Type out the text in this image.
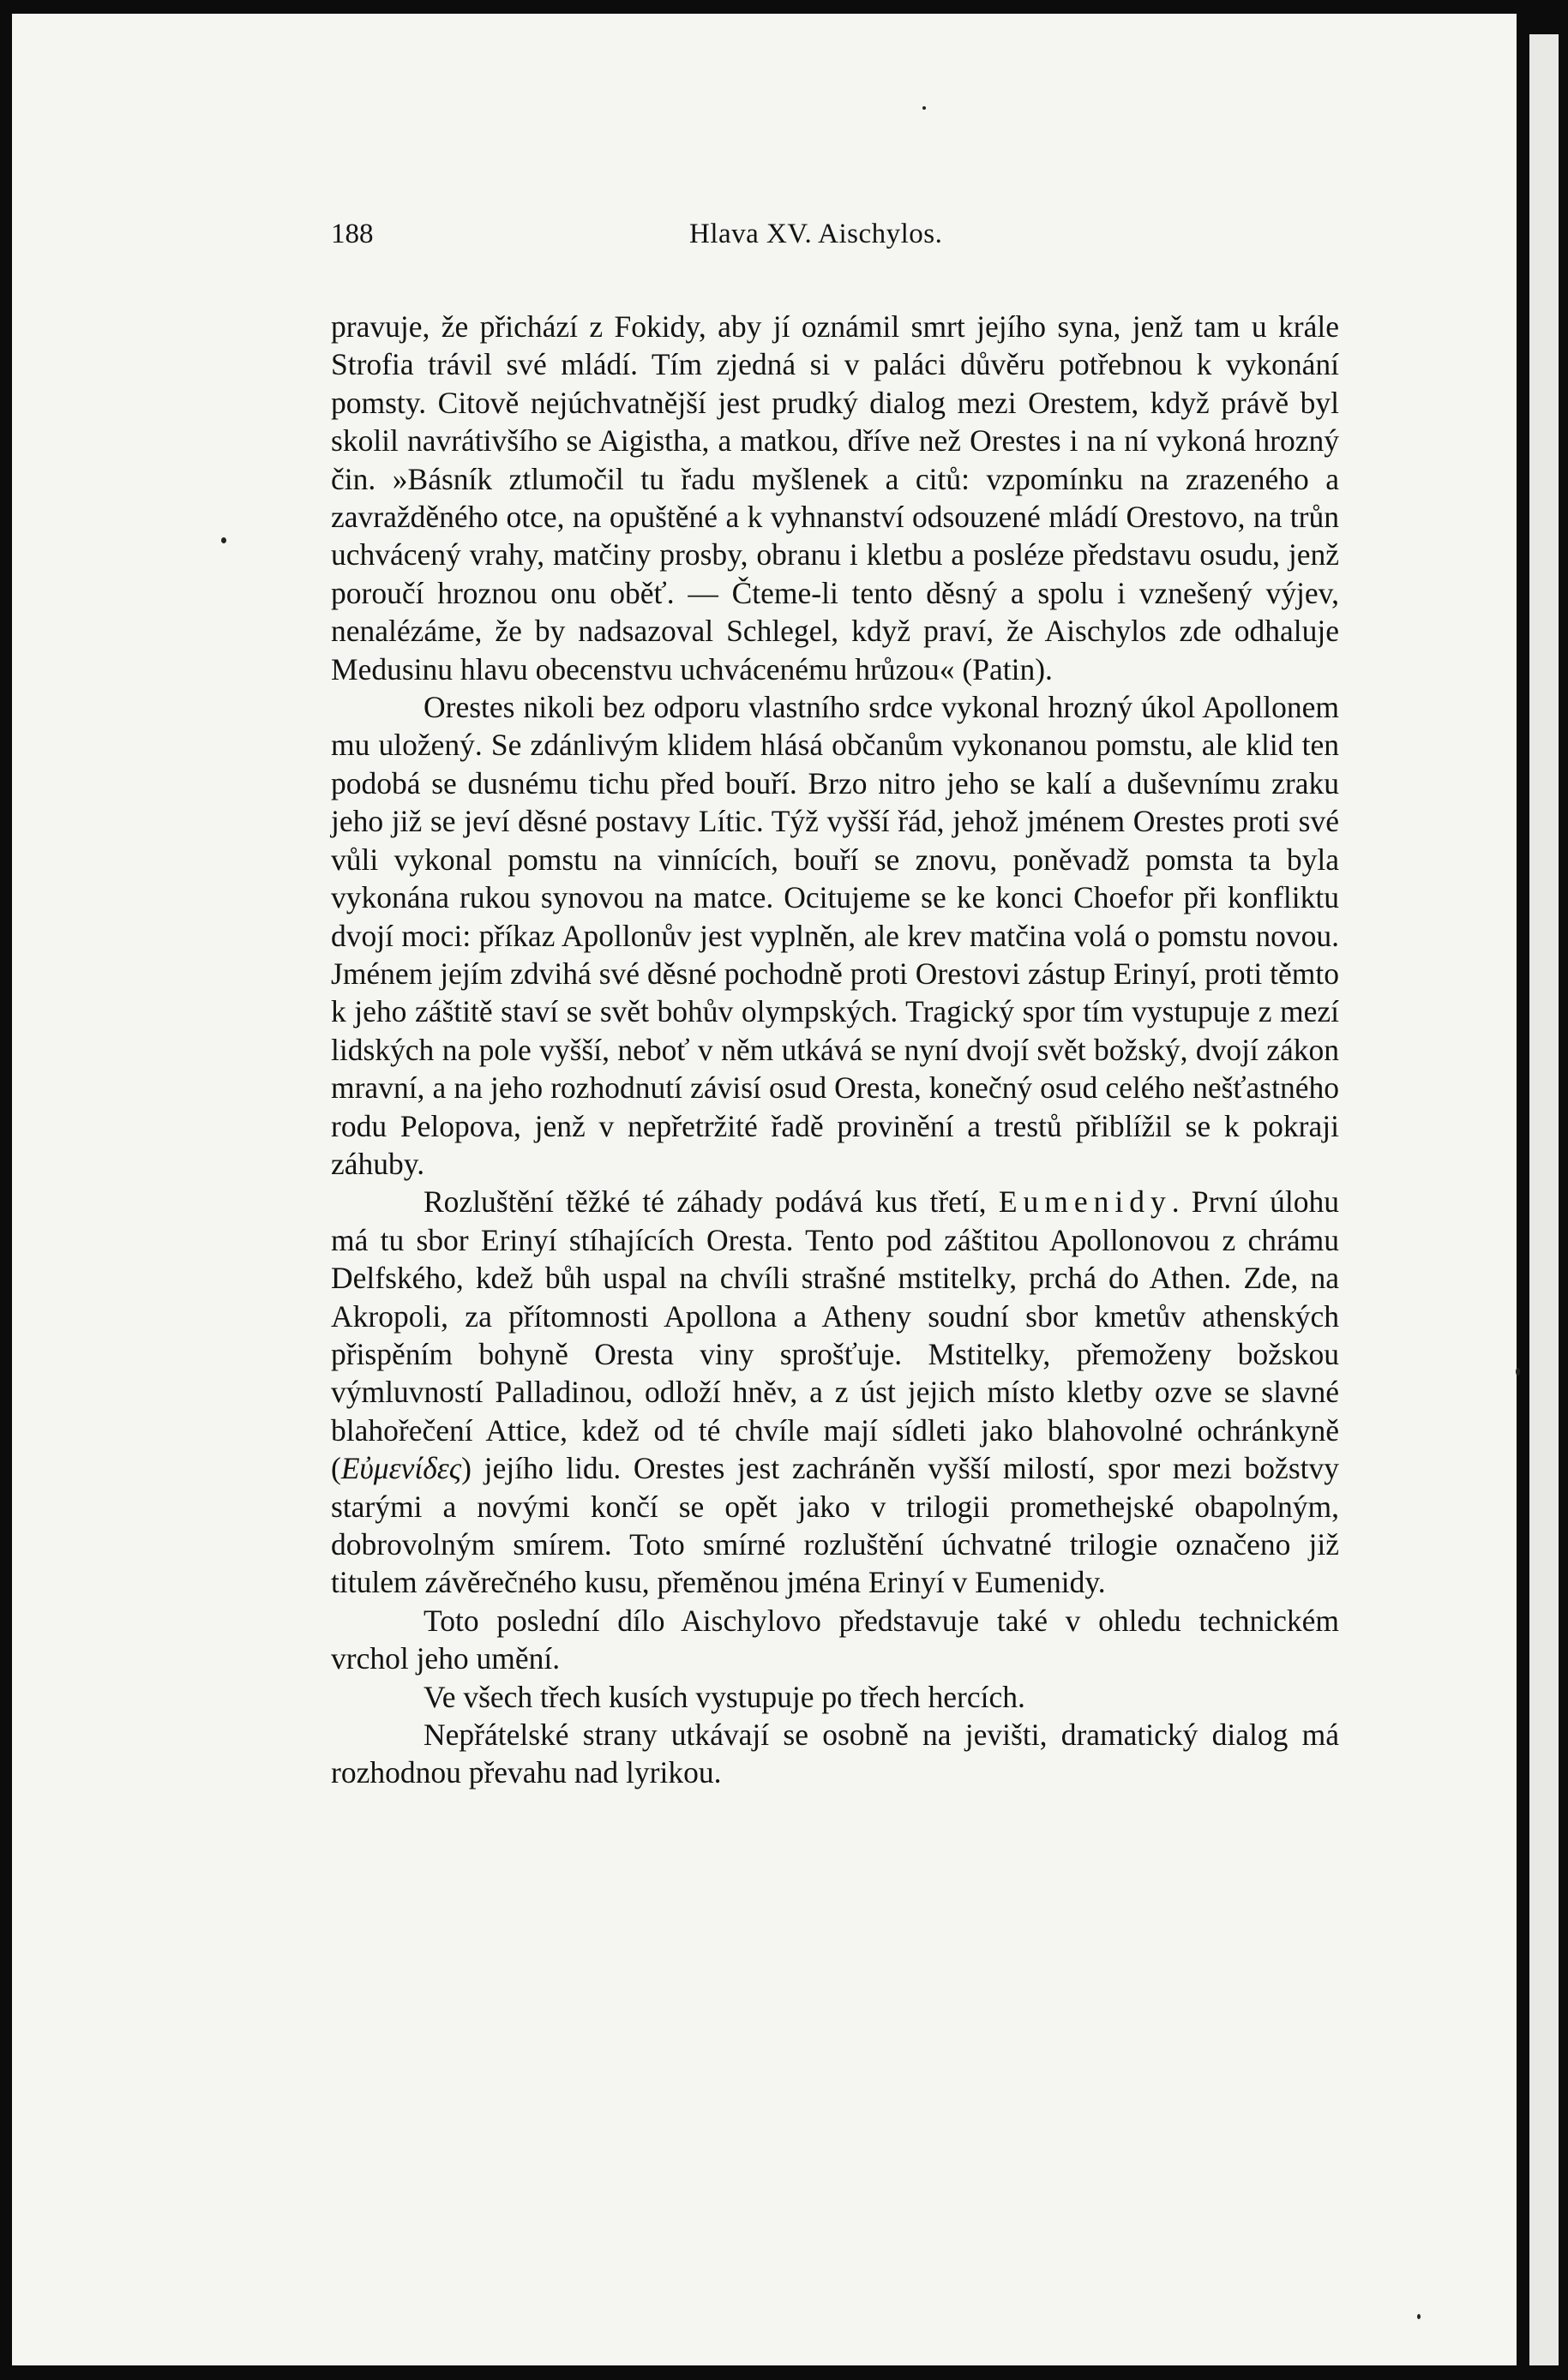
188	Hlava XV. Aischylos.

pravuje, že přichází z Fokidy, aby jí oznámil smrt jejího syna, jenž tam u krále Strofia trávil své mládí. Tím zjedná si v paláci důvěru potřebnou k vykonání pomsty. Citově nejúchvatnější jest prudký dialog mezi Orestem, když právě byl skolil navrátivšího se Aigistha, a matkou, dříve než Orestes i na ní vykoná hrozný čin. »Básník ztlumočil tu řadu myšlenek a citů: vzpomínku na zrazeného a zavražděného otce, na opuštěné a k vyhnanství odsouzené mládí Orestovo, na trůn uchvácený vrahy, matčiny prosby, obranu i kletbu a posléze představu osudu, jenž poroučí hroznou onu oběť. — Čteme-li tento děsný a spolu i vznešený výjev, nenalézáme, že by nadsazoval Schlegel, když praví, že Aischylos zde odhaluje Medusinu hlavu obecenstvu uchvácenému hrůzou« (Patin).

Orestes nikoli bez odporu vlastního srdce vykonal hrozný úkol Apollonem mu uložený. Se zdánlivým klidem hlásá občanům vykonanou pomstu, ale klid ten podobá se dusnému tichu před bouří. Brzo nitro jeho se kalí a duševnímu zraku jeho již se jeví děsné postavy Lític. Týž vyšší řád, jehož jménem Orestes proti své vůli vykonal pomstu na vinnících, bouří se znovu, poněvadž pomsta ta byla vykonána rukou synovou na matce. Ocitujeme se ke konci Choefor při konfliktu dvojí moci: příkaz Apollonův jest vyplněn, ale krev matčina volá o pomstu novou. Jménem jejím zdvihá své děsné pochodně proti Orestovi zástup Erinyí, proti těmto k jeho záštitě staví se svět bohův olympských. Tragický spor tím vystupuje z mezí lidských na pole vyšší, neboť v něm utkává se nyní dvojí svět božský, dvojí zákon mravní, a na jeho rozhodnutí závisí osud Oresta, konečný osud celého nešťastného rodu Pelopova, jenž v nepřetržité řadě provinění a trestů přiblížil se k pokraji záhuby.

Rozluštění těžké té záhady podává kus třetí, Eumenidy. První úlohu má tu sbor Erinyí stíhajících Oresta. Tento pod záštitou Apollonovou z chrámu Delfského, kdež bůh uspal na chvíli strašné mstitelky, prchá do Athen. Zde, na Akropoli, za přítomnosti Apollona a Atheny soudní sbor kmetův athenských přispěním bohyně Oresta viny sprošťuje. Mstitelky, přemoženy božskou výmluvností Palladinou, odloží hněv, a z úst jejich místo kletby ozve se slavné blahořečení Attice, kdež od té chvíle mají sídleti jako blahovolné ochránkyně (Εὐμενίδες) jejího lidu. Orestes jest zachráněn vyšší milostí, spor mezi božstvy starými a novými končí se opět jako v trilogii promethejské obapolným, dobrovolným smírem. Toto smírné rozluštění úchvatné trilogie označeno již titulem závěrečného kusu, přeměnou jména Erinyí v Eumenidy.

Toto poslední dílo Aischylovo představuje také v ohledu technickém vrchol jeho umění.

Ve všech třech kusích vystupuje po třech hercích.

Nepřátelské strany utkávají se osobně na jevišti, dramatický dialog má rozhodnou převahu nad lyrikou.
